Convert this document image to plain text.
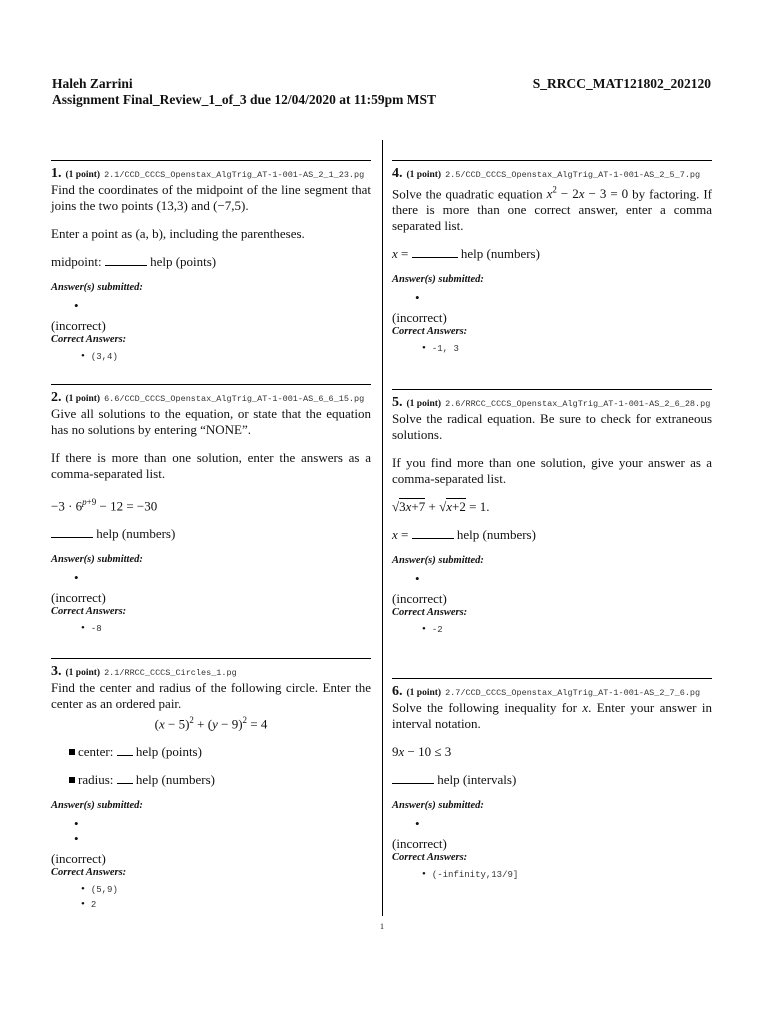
Haleh Zarrini
Assignment Final_Review_1_of_3 due 12/04/2020 at 11:59pm MST
S_RRCC_MAT121802_202120
1. (1 point) 2.1/CCD_CCCS_Openstax_AlgTrig_AT-1-001-AS_2_1_23.pg

Find the coordinates of the midpoint of the line segment that joins the two points (13,3) and (−7,5).

Enter a point as (a, b), including the parentheses.

midpoint:	help (points)

Answer(s) submitted:
•
(incorrect)
Correct Answers:
• (3,4)
2. (1 point) 6.6/CCD_CCCS_Openstax_AlgTrig_AT-1-001-AS_6_6_15.pg

Give all solutions to the equation, or state that the equation has no solutions by entering “NONE”.

If there is more than one solution, enter the answers as a comma-separated list.

$-3 \cdot 6^{p+9} - 12 = -30$

help (numbers)

Answer(s) submitted:
•
(incorrect)
Correct Answers:
• -8
3. (1 point) 2.1/RRCC_CCCS_Circles_1.pg

Find the center and radius of the following circle. Enter the center as an ordered pair.

$(x - 5)^2 + (y - 9)^2 = 4$

center: help (points)

radius: help (numbers)

Answer(s) submitted:
•
•
(incorrect)
Correct Answers:
• (5,9)
• 2
4. (1 point) 2.5/CCD_CCCS_Openstax_AlgTrig_AT-1-001-AS_2_5_7.pg

Solve the quadratic equation $x^2 - 2x - 3 = 0$ by factoring. If there is more than one correct answer, enter a comma separated list.

x =	help (numbers)

Answer(s) submitted:
•
(incorrect)
Correct Answers:
• -1, 3
5. (1 point) 2.6/RRCC_CCCS_Openstax_AlgTrig_AT-1-001-AS_2_6_28.pg

Solve the radical equation. Be sure to check for extraneous solutions.

If you find more than one solution, give your answer as a comma-separated list.

√3x+7 + √x+2 = 1.

x =	help (numbers)

Answer(s) submitted:
•
(incorrect)
Correct Answers:
• -2
6. (1 point) 2.7/CCD_CCCS_Openstax_AlgTrig_AT-1-001-AS_2_7_6.pg

Solve the following inequality for x. Enter your answer in interval notation.

9x − 10 ≤ 3

help (intervals)

Answer(s) submitted:
•
(incorrect)
Correct Answers:
• (-infinity,13/9]
1
